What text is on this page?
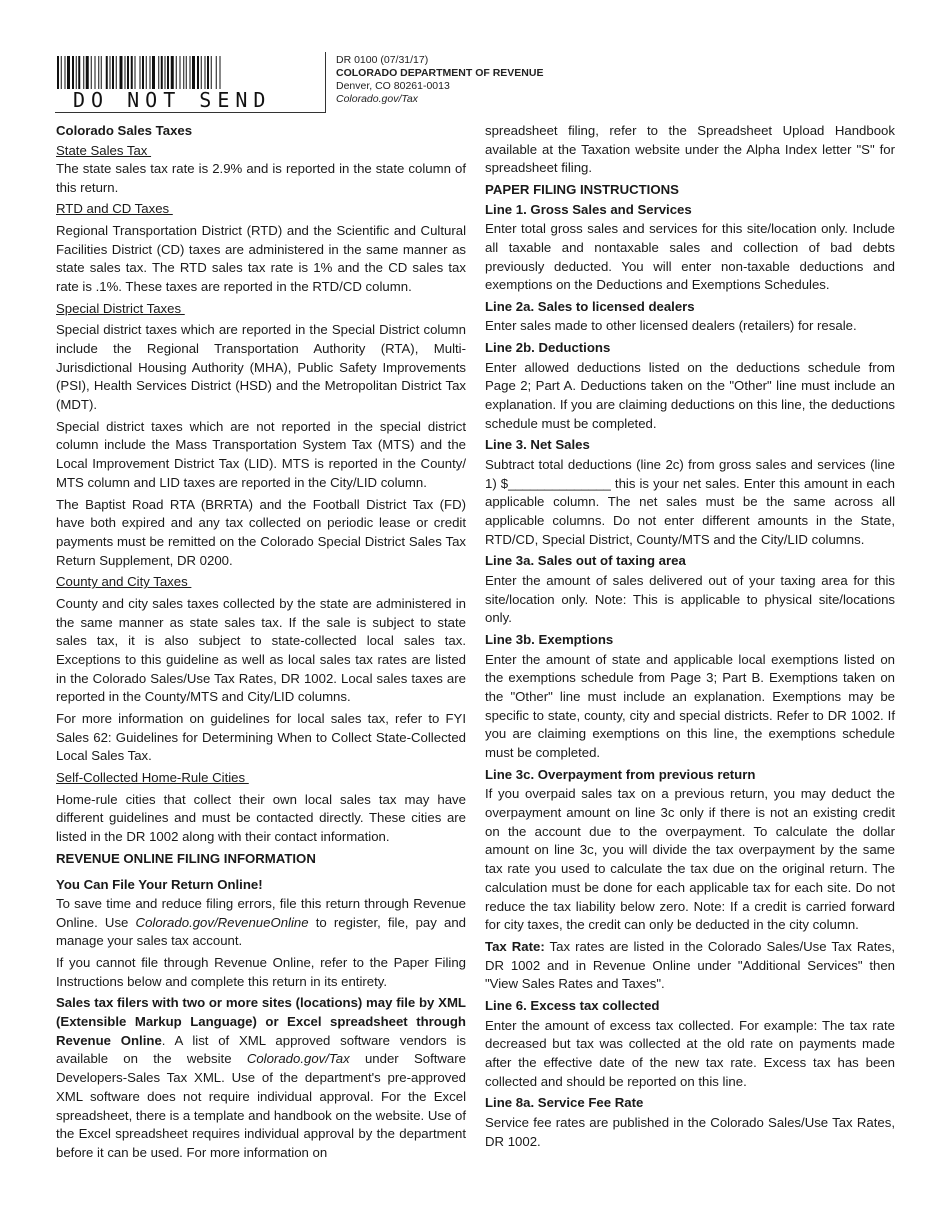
DO NOT SEND
DR 0100 (07/31/17)
COLORADO DEPARTMENT OF REVENUE
Denver, CO 80261-0013
Colorado.gov/Tax
Colorado Sales Taxes
State Sales Tax

The state sales tax rate is 2.9% and is reported in the state column of this return.

RTD and CD Taxes

Regional Transportation District (RTD) and the Scientific and Cultural Facilities District (CD) taxes are administered in the same manner as state sales tax. The RTD sales tax rate is 1% and the CD sales tax rate is .1%. These taxes are reported in the RTD/CD column.

Special District Taxes

Special district taxes which are reported in the Special District column include the Regional Transportation Authority (RTA), Multi-Jurisdictional Housing Authority (MHA), Public Safety Improvements (PSI), Health Services District (HSD) and the Metropolitan District Tax (MDT).

Special district taxes which are not reported in the special district column include the Mass Transportation System Tax (MTS) and the Local Improvement District Tax (LID). MTS is reported in the County/ MTS column and LID taxes are reported in the City/LID column.

The Baptist Road RTA (BRRTA) and the Football District Tax (FD) have both expired and any tax collected on periodic lease or credit payments must be remitted on the Colorado Special District Sales Tax Return Supplement, DR 0200.

County and City Taxes

County and city sales taxes collected by the state are administered in the same manner as state sales tax. If the sale is subject to state sales tax, it is also subject to state-collected local sales tax. Exceptions to this guideline as well as local sales tax rates are listed in the Colorado Sales/Use Tax Rates, DR 1002. Local sales taxes are reported in the County/MTS and City/LID columns.

For more information on guidelines for local sales tax, refer to FYI Sales 62: Guidelines for Determining When to Collect State-Collected Local Sales Tax.

Self-Collected Home-Rule Cities

Home-rule cities that collect their own local sales tax may have different guidelines and must be contacted directly. These cities are listed in the DR 1002 along with their contact information.

REVENUE ONLINE FILING INFORMATION
You Can File Your Return Online!

To save time and reduce filing errors, file this return through Revenue Online. Use Colorado.gov/RevenueOnline to register, file, pay and manage your sales tax account.

If you cannot file through Revenue Online, refer to the Paper Filing Instructions below and complete this return in its entirety.

Sales tax filers with two or more sites (locations) may file by XML (Extensible Markup Language) or Excel spreadsheet through Revenue Online. A list of XML approved software vendors is available on the website Colorado.gov/Tax under Software Developers-Sales Tax XML. Use of the department's pre-approved XML software does not require individual approval. For the Excel spreadsheet, there is a template and handbook on the website. Use of the Excel spreadsheet requires individual approval by the department before it can be used. For more information on

spreadsheet filing, refer to the Spreadsheet Upload Handbook available at the Taxation website under the Alpha Index letter "S" for spreadsheet filing.

PAPER FILING INSTRUCTIONS
Line 1. Gross Sales and Services

Enter total gross sales and services for this site/location only. Include all taxable and nontaxable sales and collection of bad debts previously deducted. You will enter non-taxable deductions and exemptions on the Deductions and Exemptions Schedules.

Line 2a. Sales to licensed dealers

Enter sales made to other licensed dealers (retailers) for resale.

Line 2b. Deductions

Enter allowed deductions listed on the deductions schedule from Page 2; Part A. Deductions taken on the "Other" line must include an explanation. If you are claiming deductions on this line, the deductions schedule must be completed.

Line 3. Net Sales

Subtract total deductions (line 2c) from gross sales and services (line 1) $______________ this is your net sales. Enter this amount in each applicable column. The net sales must be the same across all applicable columns. Do not enter different amounts in the State, RTD/CD, Special District, County/MTS and the City/LID columns.

Line 3a. Sales out of taxing area

Enter the amount of sales delivered out of your taxing area for this site/location only. Note: This is applicable to physical site/locations only.

Line 3b. Exemptions

Enter the amount of state and applicable local exemptions listed on the exemptions schedule from Page 3; Part B. Exemptions taken on the "Other" line must include an explanation. Exemptions may be specific to state, county, city and special districts. Refer to DR 1002. If you are claiming exemptions on this line, the exemptions schedule must be completed.

Line 3c. Overpayment from previous return

If you overpaid sales tax on a previous return, you may deduct the overpayment amount on line 3c only if there is not an existing credit on the account due to the overpayment. To calculate the dollar amount on line 3c, you will divide the tax overpayment by the same tax rate you used to calculate the tax due on the original return. The calculation must be done for each applicable tax for each site. Do not reduce the tax liability below zero. Note: If a credit is carried forward for city taxes, the credit can only be deducted in the city column.

Tax Rate: Tax rates are listed in the Colorado Sales/Use Tax Rates, DR 1002 and in Revenue Online under "Additional Services" then "View Sales Rates and Taxes".

Line 6. Excess tax collected

Enter the amount of excess tax collected. For example: The tax rate decreased but tax was collected at the old rate on payments made after the effective date of the new tax rate. Excess tax has been collected and should be reported on this line.

Line 8a. Service Fee Rate

Service fee rates are published in the Colorado Sales/Use Tax Rates, DR 1002.
